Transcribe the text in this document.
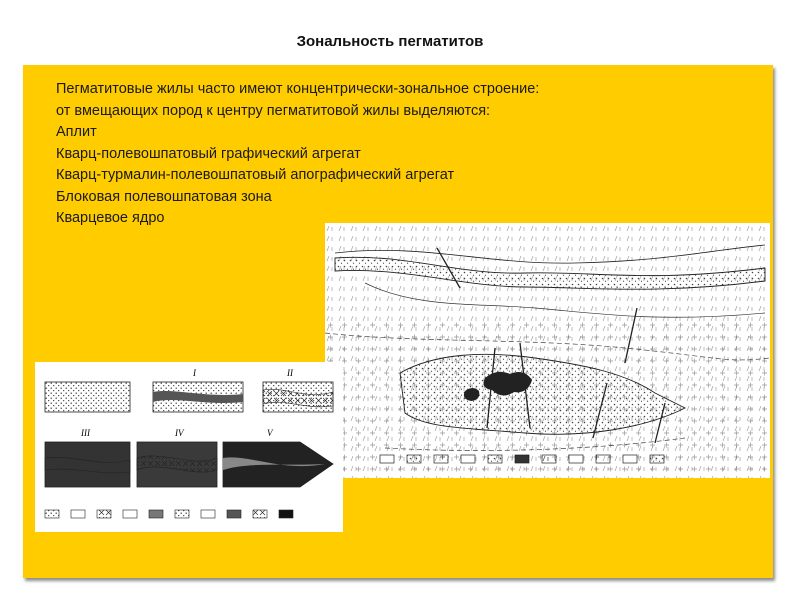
Зональность пегматитов
Пегматитовые жилы часто имеют концентрически-зональное строение:
от вмещающих пород к центру пегматитовой жилы выделяются:
Аплит
Кварц-полевошпатовый графический агрегат
Кварц-турмалин-полевошпатовый апографический агрегат
Блоковая полевошпатовая зона
Кварцевое ядро
I	II
III	IV	V
